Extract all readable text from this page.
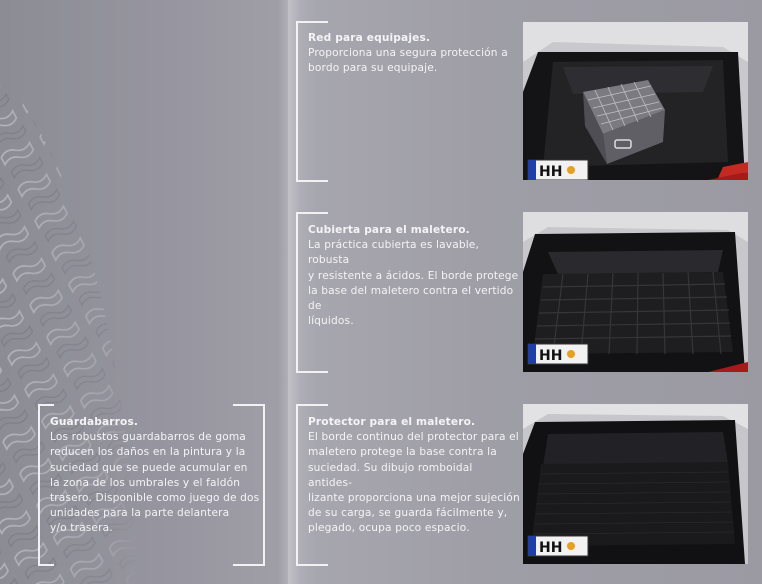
Red para equipajes.
Proporciona una segura protección a
bordo para su equipaje.
HH
Cubierta para el maletero.
La práctica cubierta es lavable, robusta
y resistente a ácidos. El borde protege
la base del maletero contra el vertido de
líquidos.
HH
Protector para el maletero.
El borde continuo del protector para el
maletero protege la base contra la
suciedad. Su dibujo romboidal antides-
lizante proporciona una mejor sujeción
de su carga, se guarda fácilmente y,
plegado, ocupa poco espacio.
HH
Guardabarros.
Los robustos guardabarros de goma
reducen los daños en la pintura y la
suciedad que se puede acumular en
la zona de los umbrales y el faldón
trasero. Disponible como juego de dos
unidades para la parte delantera
y/o trasera.
